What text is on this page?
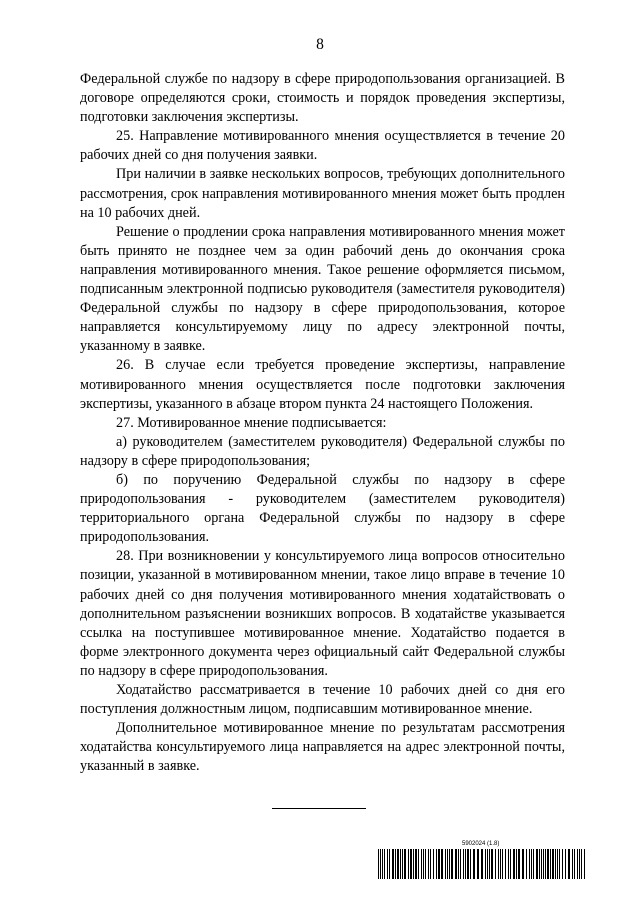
8

Федеральной службе по надзору в сфере природопользования организацией. В договоре определяются сроки, стоимость и порядок проведения экспертизы, подготовки заключения экспертизы.

25. Направление мотивированного мнения осуществляется в течение 20 рабочих дней со дня получения заявки.

При наличии в заявке нескольких вопросов, требующих дополнительного рассмотрения, срок направления мотивированного мнения может быть продлен на 10 рабочих дней.

Решение о продлении срока направления мотивированного мнения может быть принято не позднее чем за один рабочий день до окончания срока направления мотивированного мнения. Такое решение оформляется письмом, подписанным электронной подписью руководителя (заместителя руководителя) Федеральной службы по надзору в сфере природопользования, которое направляется консультируемому лицу по адресу электронной почты, указанному в заявке.

26. В случае если требуется проведение экспертизы, направление мотивированного мнения осуществляется после подготовки заключения экспертизы, указанного в абзаце втором пункта 24 настоящего Положения.

27. Мотивированное мнение подписывается:

а) руководителем (заместителем руководителя) Федеральной службы по надзору в сфере природопользования;

б) по поручению Федеральной службы по надзору в сфере природопользования - руководителем (заместителем руководителя) территориального органа Федеральной службы по надзору в сфере природопользования.

28. При возникновении у консультируемого лица вопросов относительно позиции, указанной в мотивированном мнении, такое лицо вправе в течение 10 рабочих дней со дня получения мотивированного мнения ходатайствовать о дополнительном разъяснении возникших вопросов. В ходатайстве указывается ссылка на поступившее мотивированное мнение. Ходатайство подается в форме электронного документа через официальный сайт Федеральной службы по надзору в сфере природопользования.

Ходатайство рассматривается в течение 10 рабочих дней со дня его поступления должностным лицом, подписавшим мотивированное мнение.

Дополнительное мотивированное мнение по результатам рассмотрения ходатайства консультируемого лица направляется на адрес электронной почты, указанный в заявке.

5902024 (1.8)
